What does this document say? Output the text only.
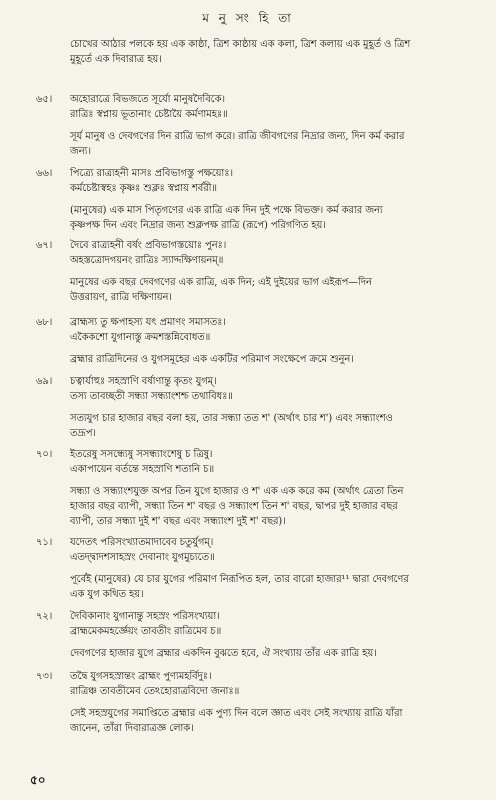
ম নু সং হি তা
চোখের আঠার পলকে হয় এক কাষ্ঠা, ত্রিশ কাষ্ঠায় এক কলা, ত্রিশ কলায় এক মুহূর্ত ও ত্রিশ
মুহূর্তে এক দিবারাত্র হয়।
৬৫। অহোরাত্রে বিভজতে সূর্যো মানুষদৈবিকে।
রাত্রিঃ স্বপ্নায় ভূতানাং চেষ্টায়ৈ কর্মণামহঃ॥
সূর্য মানুষ ও দেবগণের দিন রাত্রি ভাগ করে। রাত্রি জীবগণের নিদ্রার জন্য, দিন কর্ম করার
জন্য।
৬৬। পিত্র্যে রাত্র্যহনী মাসঃ প্রবিভাগস্তু পক্ষয়োঃ।
কর্মচেষ্টাস্বহঃ কৃষ্ণঃ শুক্লঃ স্বপ্নায় শর্বরী॥
(মানুষের) এক মাস পিতৃগণের এক রাত্রি এক দিন দুই পক্ষে বিভক্ত। কর্ম করার জন্য
কৃষ্ণপক্ষ দিন এবং নিদ্রার জন্য শুক্লপক্ষ রাত্রি (রূপে) পরিগণিত হয়।
৬৭। দৈবে রাত্র্যহনী বর্ষং প্রবিভাগস্তয়োঃ পুনঃ।
অহস্তত্রোদগয়নং রাত্রিঃ স্যাদ্দক্ষিণায়নম্॥
মানুষের এক বছর দেবগণের এক রাত্রি, এক দিন; এই দুইয়ের ভাগ এইরূপ—দিন
উত্তরায়ণ, রাত্রি দক্ষিণায়ন।
৬৮। ব্রাহ্মস্য তু ক্ষপাহস্য যৎ প্রমাণং সমাসতঃ।
একৈকশো যুগানাস্তু ক্রমশস্তন্নিবোধত॥
ব্রহ্মার রাত্রিদিনের ও যুগসমূহের এক একটির পরিমাণ সংক্ষেপে ক্রমে শুনুন।
৬৯। চত্বার্যাহুঃ সহস্রাণি বর্ষাণান্তু কৃতং যুগম্।
তস্য তাবচ্ছতী সন্ধ্যা সন্ধ্যাংশশ্চ তথাবিধঃ॥
সত্যযুগ চার হাজার বছর বলা হয়, তার সন্ধ্যা তত শ' (অর্থাৎ চার শ') এবং সন্ধ্যাংশও
তদ্রূপ।
৭০। ইতরেষু সসন্ধ্যেষু সসন্ধ্যাংশেষু চ ত্রিষু।
একাপায়েন বর্তন্তে সহস্রাণি শতানি চ॥
সন্ধ্যা ও সন্ধ্যাংশযুক্ত অপর তিন যুগে হাজার ও শ' এক এক করে কম (অর্থাৎ ত্রেতা তিন
হাজার বছর ব্যাপী, সন্ধ্যা তিন শ' বছর ও সন্ধ্যাংশ তিন শ' বছর, দ্বাপর দুই হাজার বছর
ব্যাপী, তার সন্ধ্যা দুই শ' বছর এবং সন্ধ্যাংশ দুই শ' বছর)।
৭১। যদেতৎ পরিসংখ্যাতমাদাবেব চতুর্যুগম্।
এতদ্দ্বাদশসাহস্রং দেবানাং যুগমুচ্যতে॥
পূর্বেই (মানুষের) যে চার যুগের পরিমাণ নিরূপিত হল, তার বারো হাজার¹¹ দ্বারা দেবগণের
এক যুগ কথিত হয়।
৭২। দৈবিকানাং যুগানান্তু সহস্রং পরিসংখ্যয়া।
ব্রাহ্মমেকমহর্জ্ঞেয়ং তাবতীং রাত্রিমেব চ॥
দেবগণের হাজার যুগে ব্রহ্মার একদিন বুঝতে হবে, ঐ সংখ্যায় তাঁর এক রাত্রি হয়।
৭৩। তদ্বৈ যুগসহস্রান্তং ব্রাহ্মং পুণ্যমহর্বিদুঃ।
রাত্রিঞ্চ তাবতীমেব তেঽহোরাত্রবিদো জনাঃ॥
সেই সহস্রযুগের সমাপ্তিতে ব্রহ্মার এক পুণ্য দিন বলে জ্ঞাত এবং সেই সংখ্যায় রাত্রি যাঁরা
জানেন, তাঁরা দিবারাত্রজ্ঞ লোক।
৫০
